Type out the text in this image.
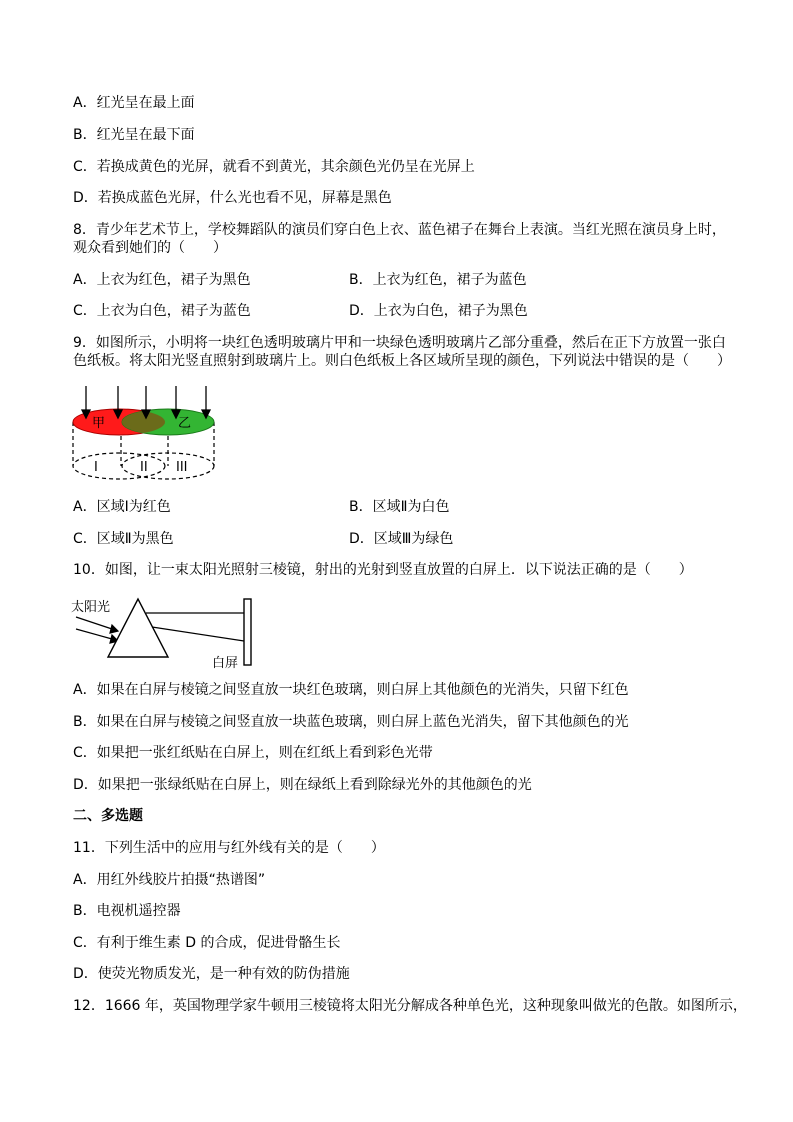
A．红光呈在最上面
B．红光呈在最下面
C．若换成黄色的光屏，就看不到黄光，其余颜色光仍呈在光屏上
D．若换成蓝色光屏，什么光也看不见，屏幕是黑色
8．青少年艺术节上，学校舞蹈队的演员们穿白色上衣、蓝色裙子在舞台上表演。当红光照在演员身上时，
观众看到她们的（　　）
A．上衣为红色，裙子为黑色	B．上衣为红色，裙子为蓝色
C．上衣为白色，裙子为蓝色	D．上衣为白色，裙子为黑色
9．如图所示，小明将一块红色透明玻璃片甲和一块绿色透明玻璃片乙部分重叠，然后在正下方放置一张白
色纸板。将太阳光竖直照射到玻璃片上。则白色纸板上各区域所呈现的颜色，下列说法中错误的是（　　）
甲	乙
I	II III
A．区域Ⅰ为红色	B．区域Ⅱ为白色
C．区域Ⅱ为黑色	D．区域Ⅲ为绿色
10．如图，让一束太阳光照射三棱镜，射出的光射到竖直放置的白屏上．以下说法正确的是（　　）
太阳光
白屏
A．如果在白屏与棱镜之间竖直放一块红色玻璃，则白屏上其他颜色的光消失，只留下红色
B．如果在白屏与棱镜之间竖直放一块蓝色玻璃，则白屏上蓝色光消失，留下其他颜色的光
C．如果把一张红纸贴在白屏上，则在红纸上看到彩色光带
D．如果把一张绿纸贴在白屏上，则在绿纸上看到除绿光外的其他颜色的光
二、多选题
11．下列生活中的应用与红外线有关的是（　　）
A．用红外线胶片拍摄“热谱图”
B．电视机遥控器
C．有利于维生素 D 的合成，促进骨骼生长
D．使荧光物质发光，是一种有效的防伪措施
12．1666 年，英国物理学家牛顿用三棱镜将太阳光分解成各种单色光，这种现象叫做光的色散。如图所示，
